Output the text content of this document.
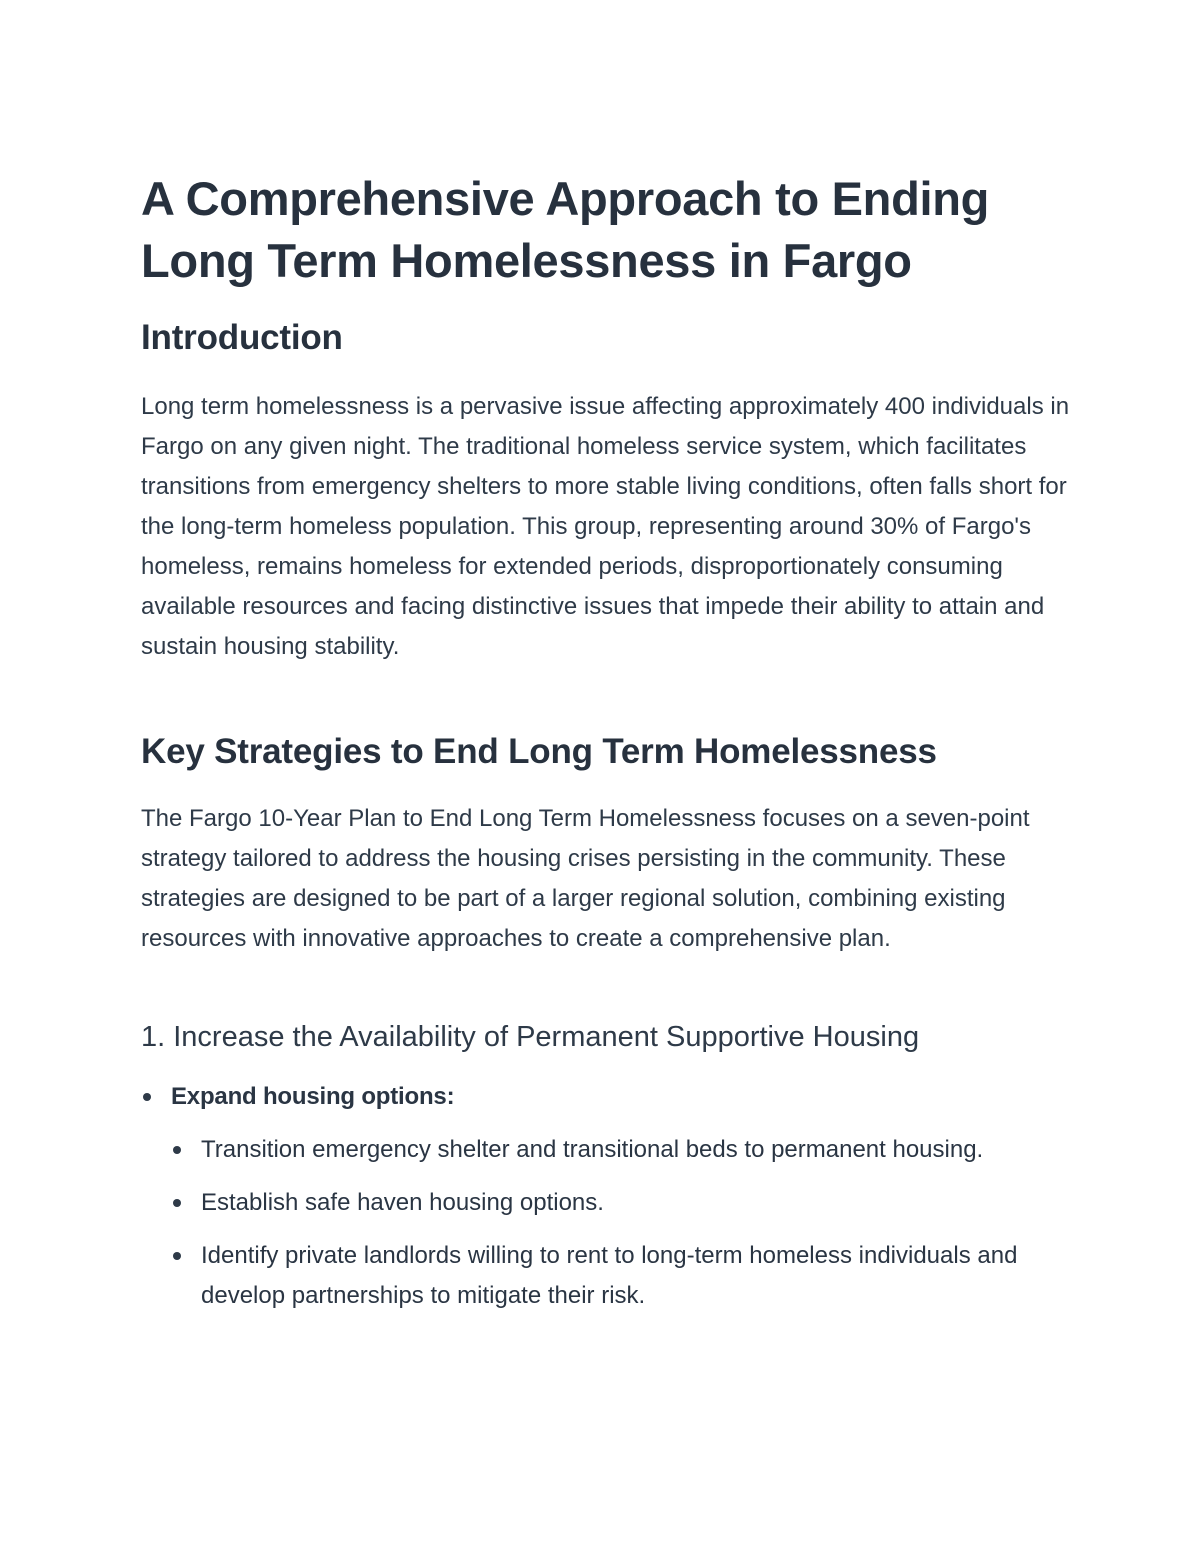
A Comprehensive Approach to Ending Long Term Homelessness in Fargo
Introduction

Long term homelessness is a pervasive issue affecting approximately 400 individuals in Fargo on any given night. The traditional homeless service system, which facilitates transitions from emergency shelters to more stable living conditions, often falls short for the long-term homeless population. This group, representing around 30% of Fargo's homeless, remains homeless for extended periods, disproportionately consuming available resources and facing distinctive issues that impede their ability to attain and sustain housing stability.

Key Strategies to End Long Term Homelessness

The Fargo 10-Year Plan to End Long Term Homelessness focuses on a seven-point strategy tailored to address the housing crises persisting in the community. These strategies are designed to be part of a larger regional solution, combining existing resources with innovative approaches to create a comprehensive plan.

1. Increase the Availability of Permanent Supportive Housing
Expand housing options:
Transition emergency shelter and transitional beds to permanent housing.
Establish safe haven housing options.
Identify private landlords willing to rent to long-term homeless individuals and develop partnerships to mitigate their risk.
